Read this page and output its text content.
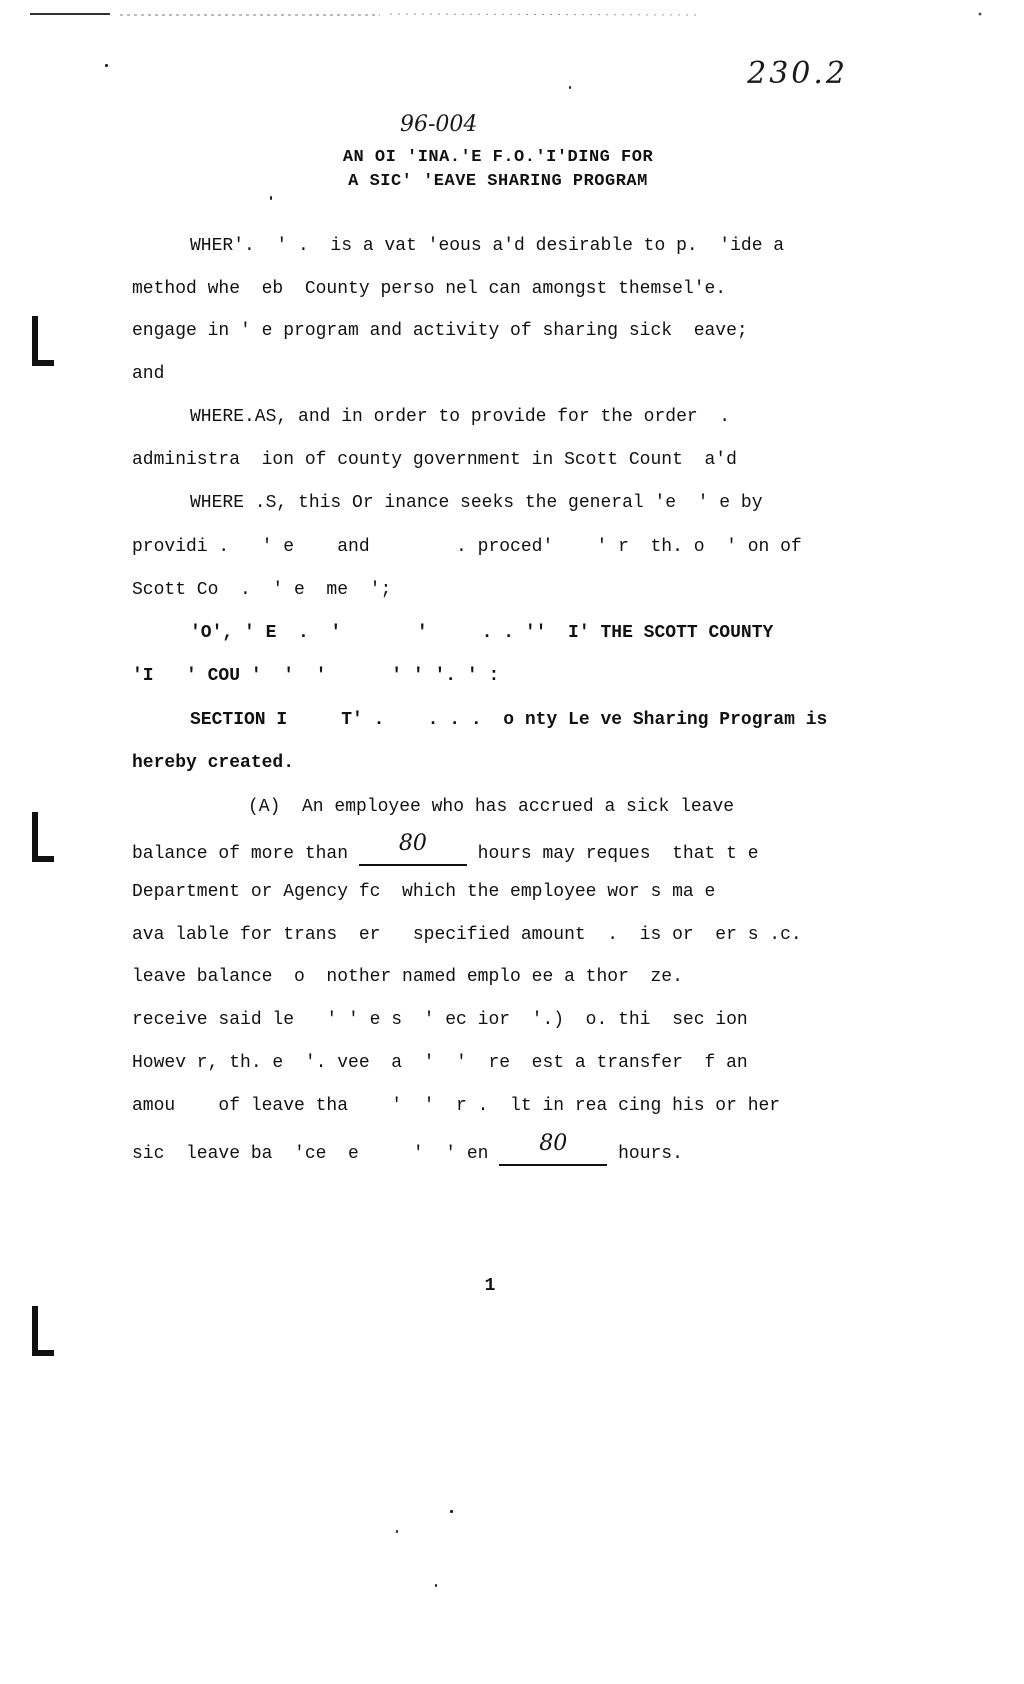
230.2
96-004
AN OI 'INA.'E F.O.'I'DING FOR
A SIC' 'EAVE SHARING PROGRAM
WHER'.  ' .  is a vat 'eous a'd desirable to p.  'ide a
method whe  eb  County perso nel can amongst themsel'e.
engage in ' e program and activity of sharing sick  eave;
and
WHERE.AS, and in order to provide for the order  .
administra  ion of county government in Scott Count  a'd
WHERE .S, this Or inance seeks the general 'e  ' e by
providi .   ' e    and        . proced'    ' r  th. o  ' on of
Scott Co  .  ' e  me  ';
'O', ' E  .  '       '     . . ''  I' THE SCOTT COUNTY
'I   ' COU '  '  '      ' ' '. ' :
SECTION I     T' .    . . .  o nty Le ve Sharing Program is
hereby created.
(A)  An employee who has accrued a sick leave
balance of more than 80	hours may reques  that t e
Department or Agency fc  which the employee wor s ma e
ava lable for trans  er   specified amount  .  is or  er s .c.
leave balance  o  nother named emplo ee a thor  ze.
receive said le   ' ' e s  ' ec ior  '.)  o. thi  sec ion
Howev r, th. e  '. vee  a  '  '  re  est a transfer  f an
amou    of leave tha    '  '  r .  lt in rea cing his or her
sic  leave ba  'ce  e     '  ' en 80	hours.
1
